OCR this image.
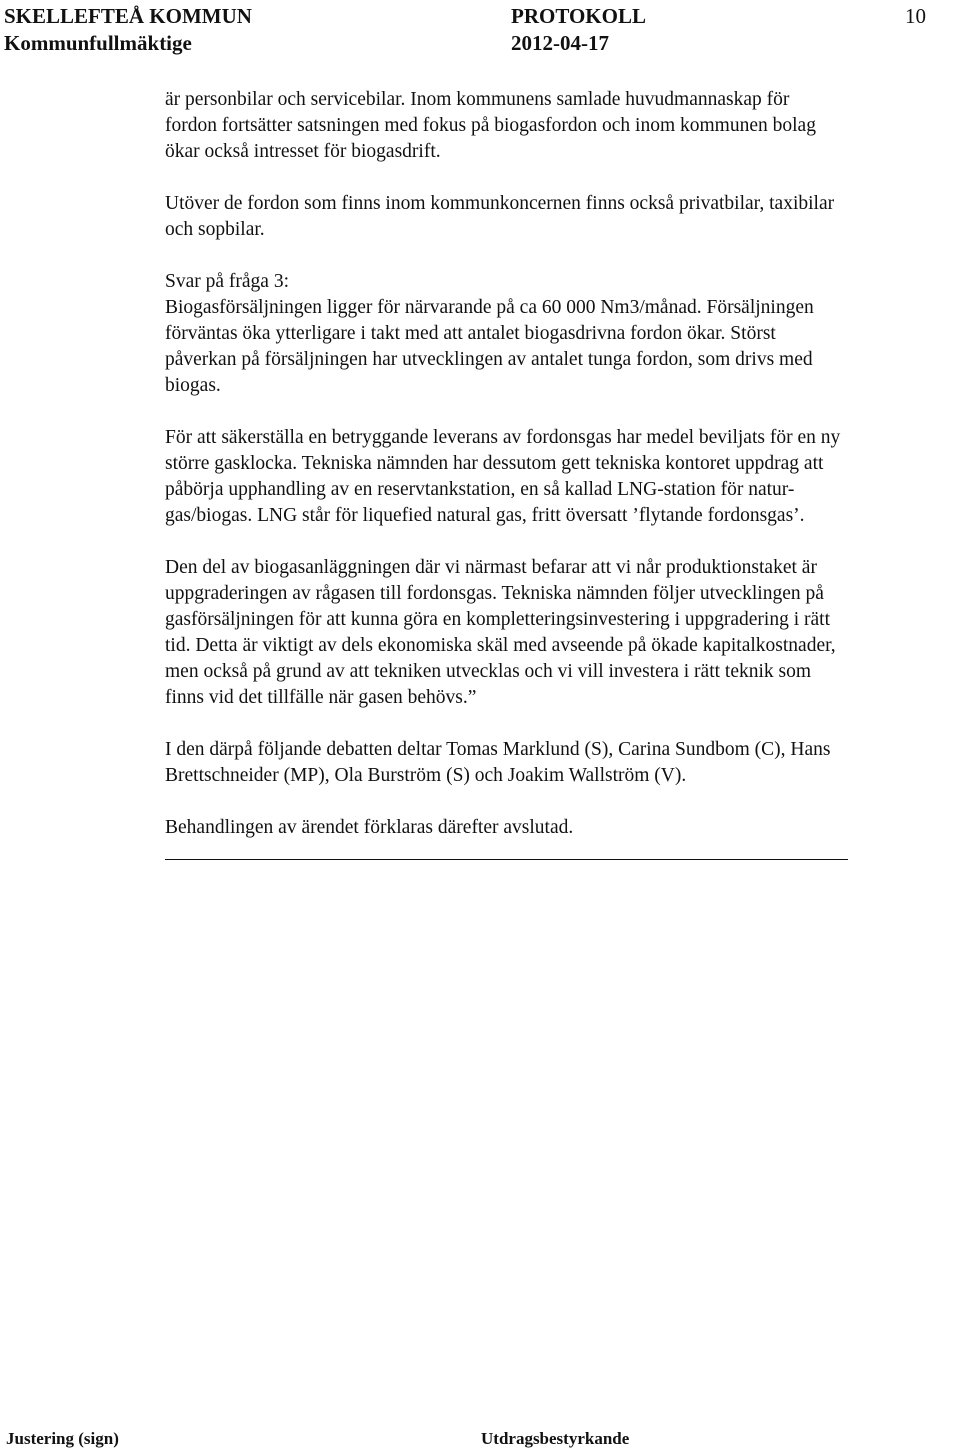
SKELLEFTEÅ KOMMUN
Kommunfullmäktige
PROTOKOLL
2012-04-17
10

är personbilar och servicebilar. Inom kommunens samlade huvudmannaskap för
fordon fortsätter satsningen med fokus på biogasfordon och inom kommunen bolag
ökar också intresset för biogasdrift.

Utöver de fordon som finns inom kommunkoncernen finns också privatbilar, taxibilar
och sopbilar.

Svar på fråga 3:
Biogasförsäljningen ligger för närvarande på ca 60 000 Nm3/månad. Försäljningen
förväntas öka ytterligare i takt med att antalet biogasdrivna fordon ökar. Störst
påverkan på försäljningen har utvecklingen av antalet tunga fordon, som drivs med
biogas.

För att säkerställa en betryggande leverans av fordonsgas har medel beviljats för en ny
större gasklocka. Tekniska nämnden har dessutom gett tekniska kontoret uppdrag att
påbörja upphandling av en reservtankstation, en så kallad LNG-station för natur-
gas/biogas. LNG står för liquefied natural gas, fritt översatt ’flytande fordonsgas’.

Den del av biogasanläggningen där vi närmast befarar att vi når produktionstaket är
uppgraderingen av rågasen till fordonsgas. Tekniska nämnden följer utvecklingen på
gasförsäljningen för att kunna göra en kompletteringsinvestering i uppgradering i rätt
tid. Detta är viktigt av dels ekonomiska skäl med avseende på ökade kapitalkostnader,
men också på grund av att tekniken utvecklas och vi vill investera i rätt teknik som
finns vid det tillfälle när gasen behövs.”

I den därpå följande debatten deltar Tomas Marklund (S), Carina Sundbom (C), Hans
Brettschneider (MP), Ola Burström (S) och Joakim Wallström (V).

Behandlingen av ärendet förklaras därefter avslutad.

Justering (sign)	Utdragsbestyrkande
